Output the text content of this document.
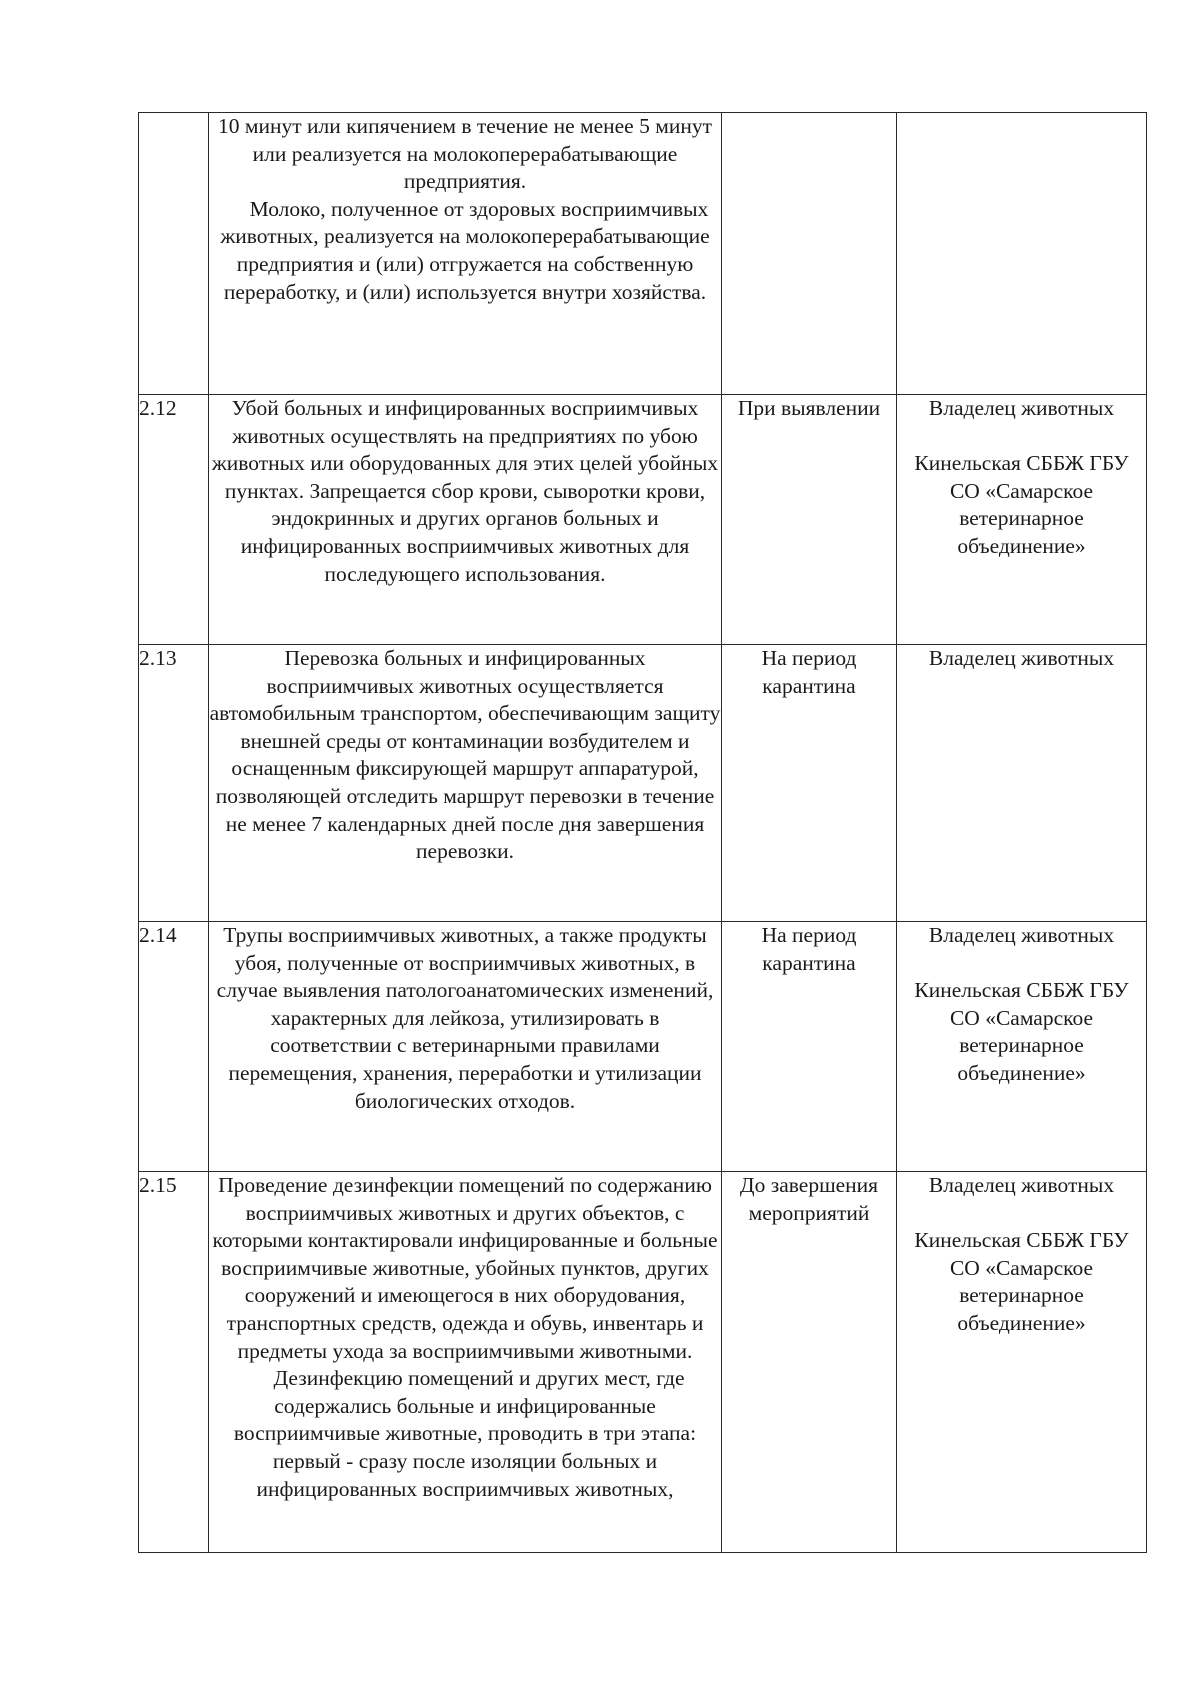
	10 минут или кипячением в течение не менее 5 минут или реализуется на молокоперерабатывающие предприятия.
Молоко, полученное от здоровых восприимчивых животных, реализуется на молокоперерабатывающие предприятия и (или) отгружается на собственную переработку, и (или) используется внутри хозяйства.		

2.12	Убой больных и инфицированных восприимчивых животных осуществлять на предприятиях по убою животных или оборудованных для этих целей убойных пунктах. Запрещается сбор крови, сыворотки крови, эндокринных и других органов больных и инфицированных восприимчивых животных для последующего использования.	При выявлении	Владелец животных
Кинельская СББЖ ГБУ СО «Самарское ветеринарное объединение»

2.13	Перевозка больных и инфицированных восприимчивых животных осуществляется автомобильным транспортом, обеспечивающим защиту внешней среды от контаминации возбудителем и оснащенным фиксирующей маршрут аппаратурой, позволяющей отследить маршрут перевозки в течение не менее 7 календарных дней после дня завершения перевозки.	На период карантина	Владелец животных

2.14	Трупы восприимчивых животных, а также продукты убоя, полученные от восприимчивых животных, в случае выявления патологоанатомических изменений, характерных для лейкоза, утилизировать в соответствии с ветеринарными правилами перемещения, хранения, переработки и утилизации биологических отходов.	На период карантина	Владелец животных
Кинельская СББЖ ГБУ СО «Самарское ветеринарное объединение»

2.15	Проведение дезинфекции помещений по содержанию восприимчивых животных и других объектов, с которыми контактировали инфицированные и больные восприимчивые животные, убойных пунктов, других сооружений и имеющегося в них оборудования, транспортных средств, одежда и обувь, инвентарь и предметы ухода за восприимчивыми животными.
Дезинфекцию помещений и других мест, где содержались больные и инфицированные восприимчивые животные, проводить в три этапа: первый - сразу после изоляции больных и инфицированных восприимчивых животных,	До завершения мероприятий	Владелец животных
Кинельская СББЖ ГБУ СО «Самарское ветеринарное объединение»
